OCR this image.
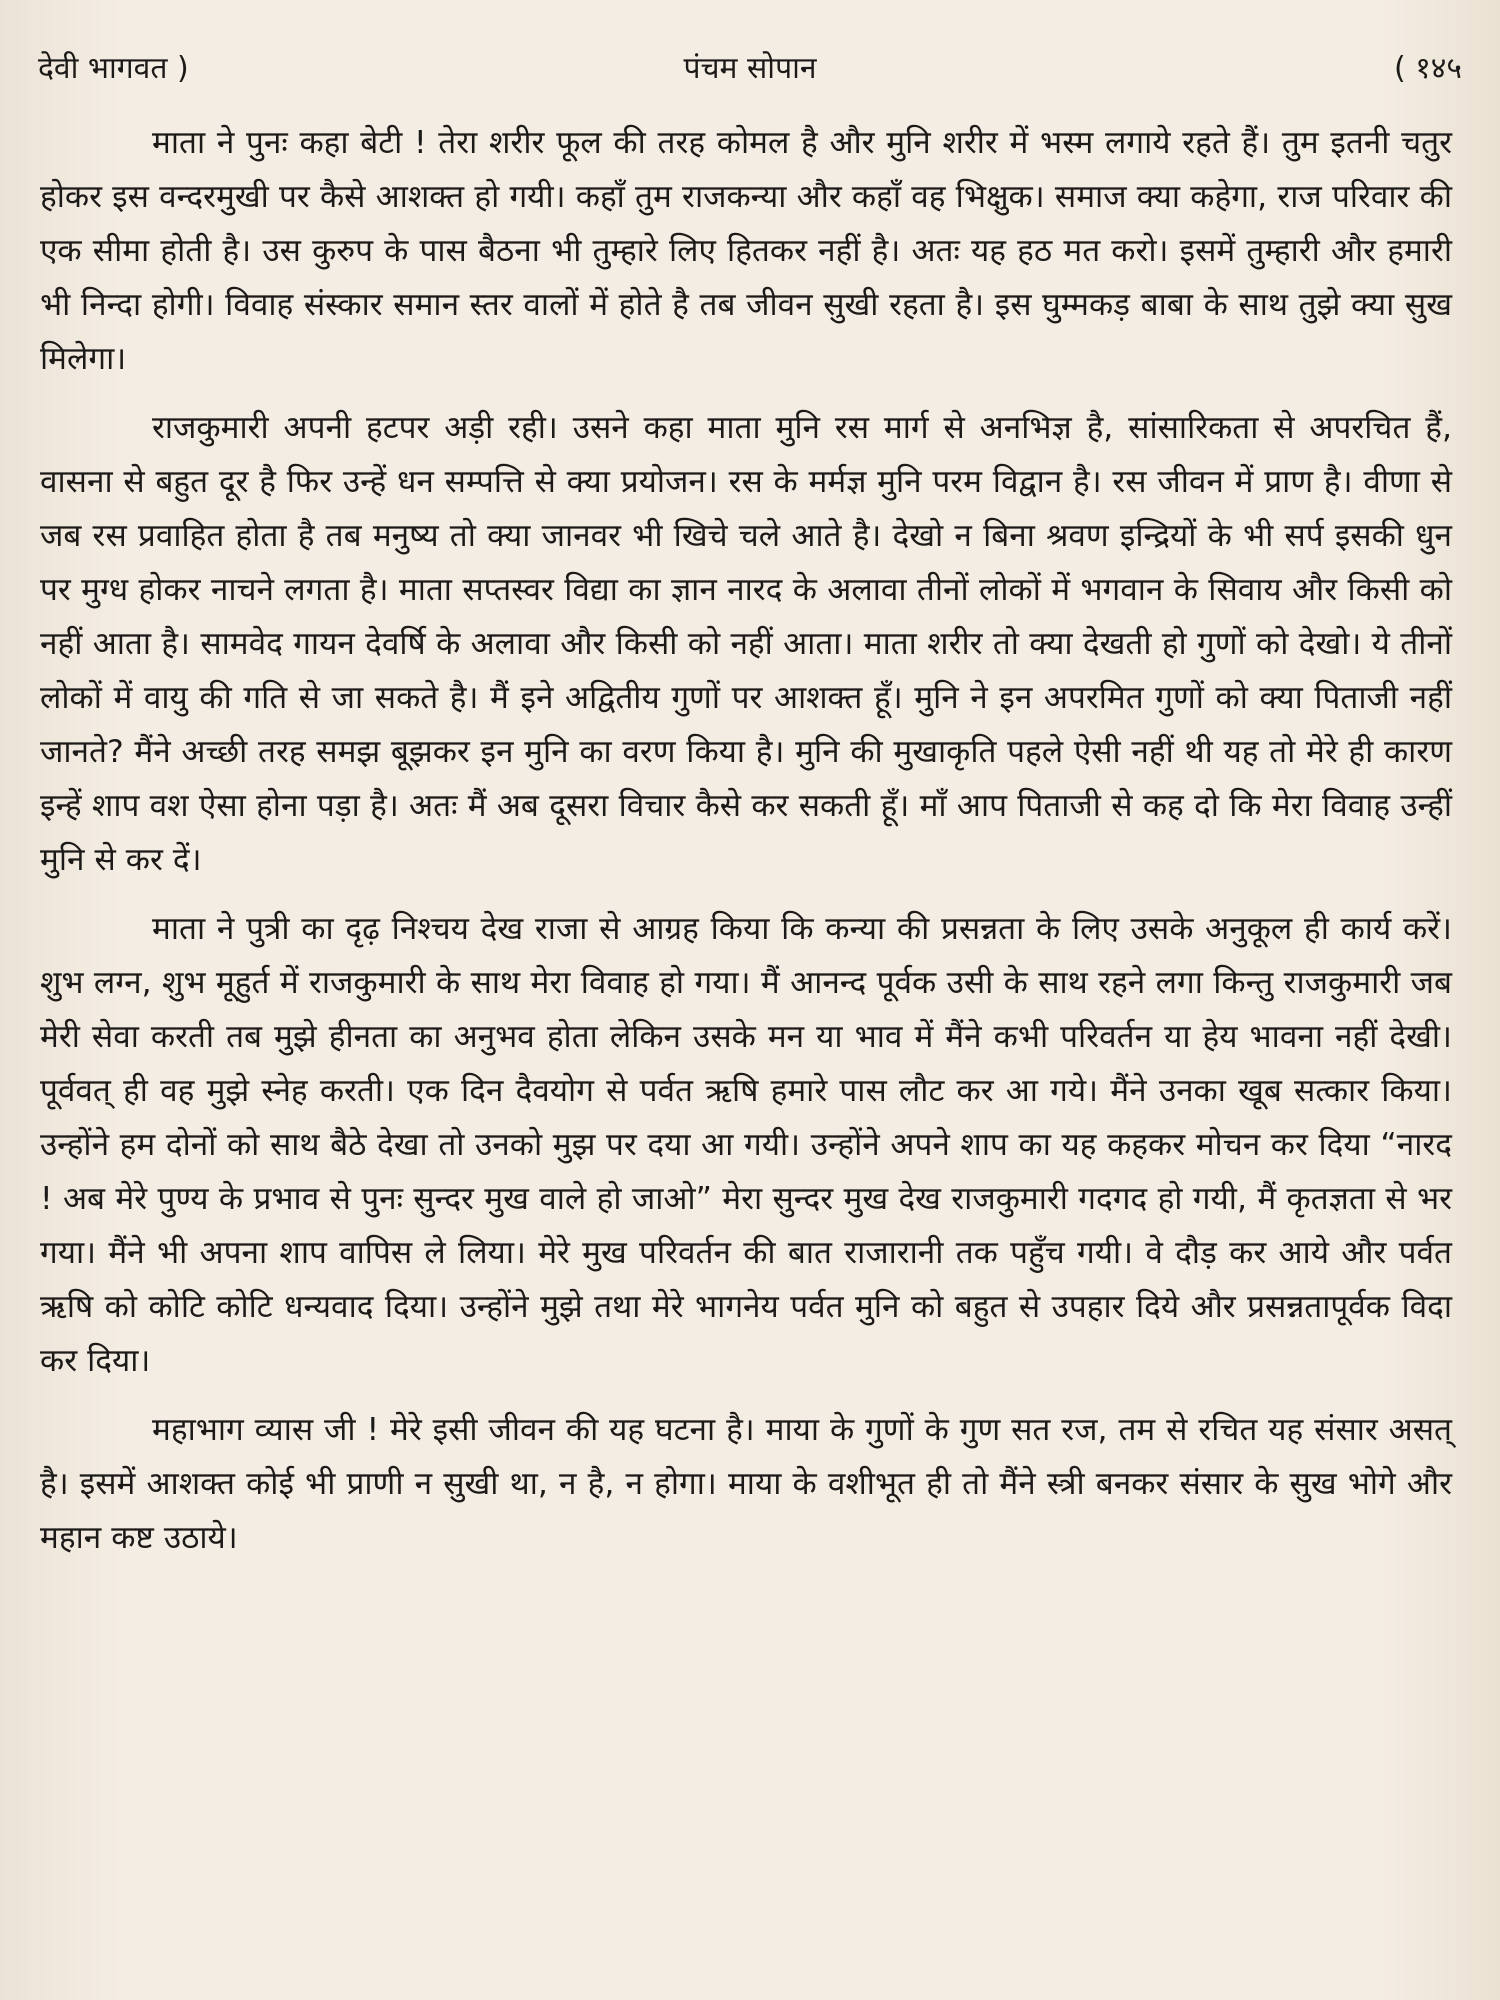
देवी भागवत )	पंचम सोपान	( १४५

माता ने पुनः कहा बेटी ! तेरा शरीर फूल की तरह कोमल है और मुनि शरीर में भस्म लगाये रहते हैं। तुम इतनी चतुर होकर इस वन्दरमुखी पर कैसे आशक्त हो गयी। कहाँ तुम राजकन्या और कहाँ वह भिक्षुक। समाज क्या कहेगा, राज परिवार की एक सीमा होती है। उस कुरुप के पास बैठना भी तुम्हारे लिए हितकर नहीं है। अतः यह हठ मत करो। इसमें तुम्हारी और हमारी भी निन्दा होगी। विवाह संस्कार समान स्तर वालों में होते है तब जीवन सुखी रहता है। इस घुम्मकड़ बाबा के साथ तुझे क्या सुख मिलेगा।

राजकुमारी अपनी हटपर अड़ी रही। उसने कहा माता मुनि रस मार्ग से अनभिज्ञ है, सांसारिकता से अपरचित हैं, वासना से बहुत दूर है फिर उन्हें धन सम्पत्ति से क्या प्रयोजन। रस के मर्मज्ञ मुनि परम विद्वान है। रस जीवन में प्राण है। वीणा से जब रस प्रवाहित होता है तब मनुष्य तो क्या जानवर भी खिचे चले आते है। देखो न बिना श्रवण इन्द्रियों के भी सर्प इसकी धुन पर मुग्ध होकर नाचने लगता है। माता सप्तस्वर विद्या का ज्ञान नारद के अलावा तीनों लोकों में भगवान के सिवाय और किसी को नहीं आता है। सामवेद गायन देवर्षि के अलावा और किसी को नहीं आता। माता शरीर तो क्या देखती हो गुणों को देखो। ये तीनों लोकों में वायु की गति से जा सकते है। मैं इने अद्वितीय गुणों पर आशक्त हूँ। मुनि ने इन अपरमित गुणों को क्या पिताजी नहीं जानते? मैंने अच्छी तरह समझ बूझकर इन मुनि का वरण किया है। मुनि की मुखाकृति पहले ऐसी नहीं थी यह तो मेरे ही कारण इन्हें शाप वश ऐसा होना पड़ा है। अतः मैं अब दूसरा विचार कैसे कर सकती हूँ। माँ आप पिताजी से कह दो कि मेरा विवाह उन्हीं मुनि से कर दें।

माता ने पुत्री का दृढ़ निश्चय देख राजा से आग्रह किया कि कन्या की प्रसन्नता के लिए उसके अनुकूल ही कार्य करें। शुभ लग्न, शुभ मूहुर्त में राजकुमारी के साथ मेरा विवाह हो गया। मैं आनन्द पूर्वक उसी के साथ रहने लगा किन्तु राजकुमारी जब मेरी सेवा करती तब मुझे हीनता का अनुभव होता लेकिन उसके मन या भाव में मैंने कभी परिवर्तन या हेय भावना नहीं देखी। पूर्ववत् ही वह मुझे स्नेह करती। एक दिन दैवयोग से पर्वत ऋषि हमारे पास लौट कर आ गये। मैंने उनका खूब सत्कार किया। उन्होंने हम दोनों को साथ बैठे देखा तो उनको मुझ पर दया आ गयी। उन्होंने अपने शाप का यह कहकर मोचन कर दिया “नारद ! अब मेरे पुण्य के प्रभाव से पुनः सुन्दर मुख वाले हो जाओ” मेरा सुन्दर मुख देख राजकुमारी गदगद हो गयी, मैं कृतज्ञता से भर गया। मैंने भी अपना शाप वापिस ले लिया। मेरे मुख परिवर्तन की बात राजारानी तक पहुँच गयी। वे दौड़ कर आये और पर्वत ऋषि को कोटि कोटि धन्यवाद दिया। उन्होंने मुझे तथा मेरे भागनेय पर्वत मुनि को बहुत से उपहार दिये और प्रसन्नतापूर्वक विदा कर दिया।

महाभाग व्यास जी ! मेरे इसी जीवन की यह घटना है। माया के गुणों के गुण सत रज, तम से रचित यह संसार असत् है। इसमें आशक्त कोई भी प्राणी न सुखी था, न है, न होगा। माया के वशीभूत ही तो मैंने स्त्री बनकर संसार के सुख भोगे और महान कष्ट उठाये।
